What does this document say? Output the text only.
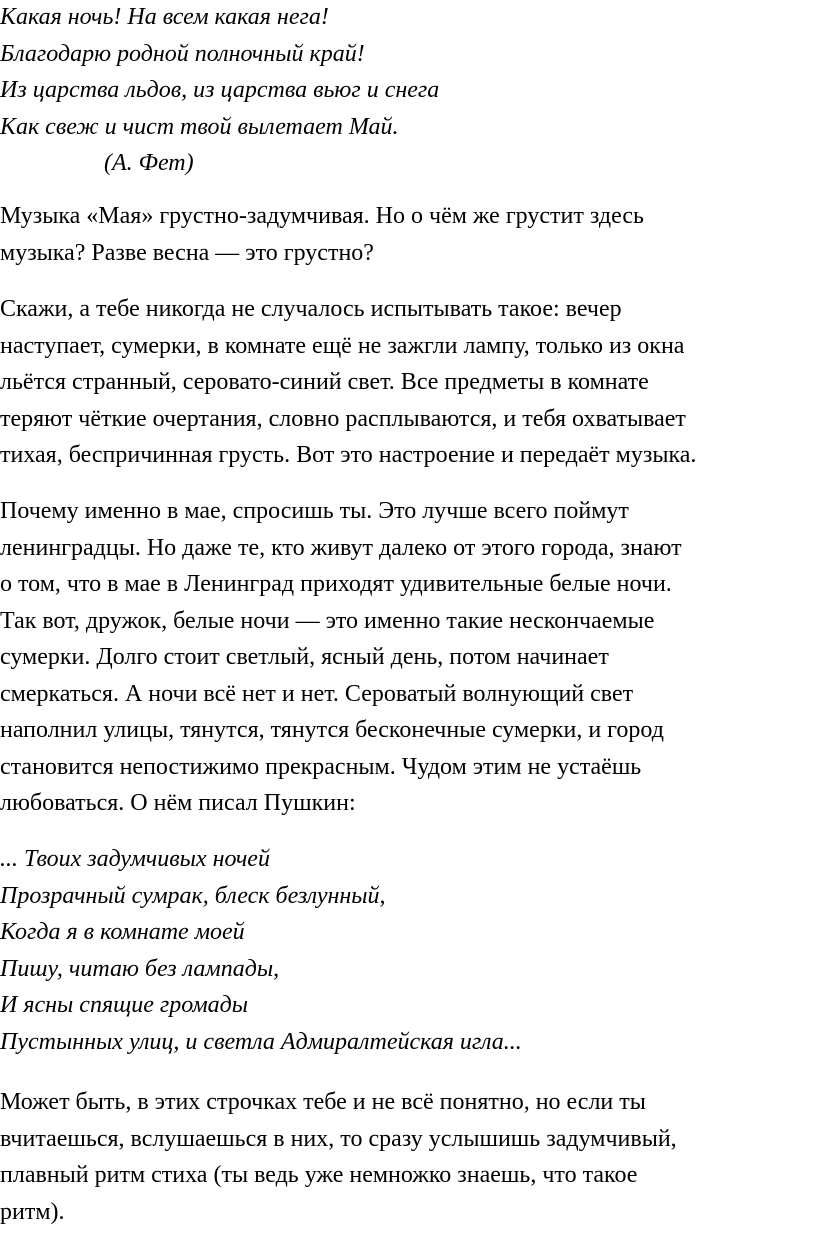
Какая ночь! На всем какая нега!
Благодарю родной полночный край!
Из царства льдов, из царства вьюг и снега
Как свеж и чист твой вылетает Май.
(А. Фет)
Музыка «Мая» грустно-задумчивая. Но о чём же грустит здесь
музыка? Разве весна — это грустно?
Скажи, а тебе никогда не случалось испытывать такое: вечер
наступает, сумерки, в комнате ещё не зажгли лампу, только из окна
льётся странный, серовато-синий свет. Все предметы в комнате
теряют чёткие очертания, словно расплываются, и тебя охватывает
тихая, беспричинная грусть. Вот это настроение и передаёт музыка.
Почему именно в мае, спросишь ты. Это лучше всего поймут
ленинградцы. Но даже те, кто живут далеко от этого города, знают
о том, что в мае в Ленинград приходят удивительные белые ночи.
Так вот, дружок, белые ночи — это именно такие нескончаемые
сумерки. Долго стоит светлый, ясный день, потом начинает
смеркаться. А ночи всё нет и нет. Сероватый волнующий свет
наполнил улицы, тянутся, тянутся бесконечные сумерки, и город
становится непостижимо прекрасным. Чудом этим не устаёшь
любоваться. О нём писал Пушкин:
... Твоих задумчивых ночей
Прозрачный сумрак, блеск безлунный,
Когда я в комнате моей
Пишу, читаю без лампады,
И ясны спящие громады
Пустынных улиц, и светла Адмиралтейская игла...
Может быть, в этих строчках тебе и не всё понятно, но если ты
вчитаешься, вслушаешься в них, то сразу услышишь задумчивый,
плавный ритм стиха (ты ведь уже немножко знаешь, что такое
ритм).
